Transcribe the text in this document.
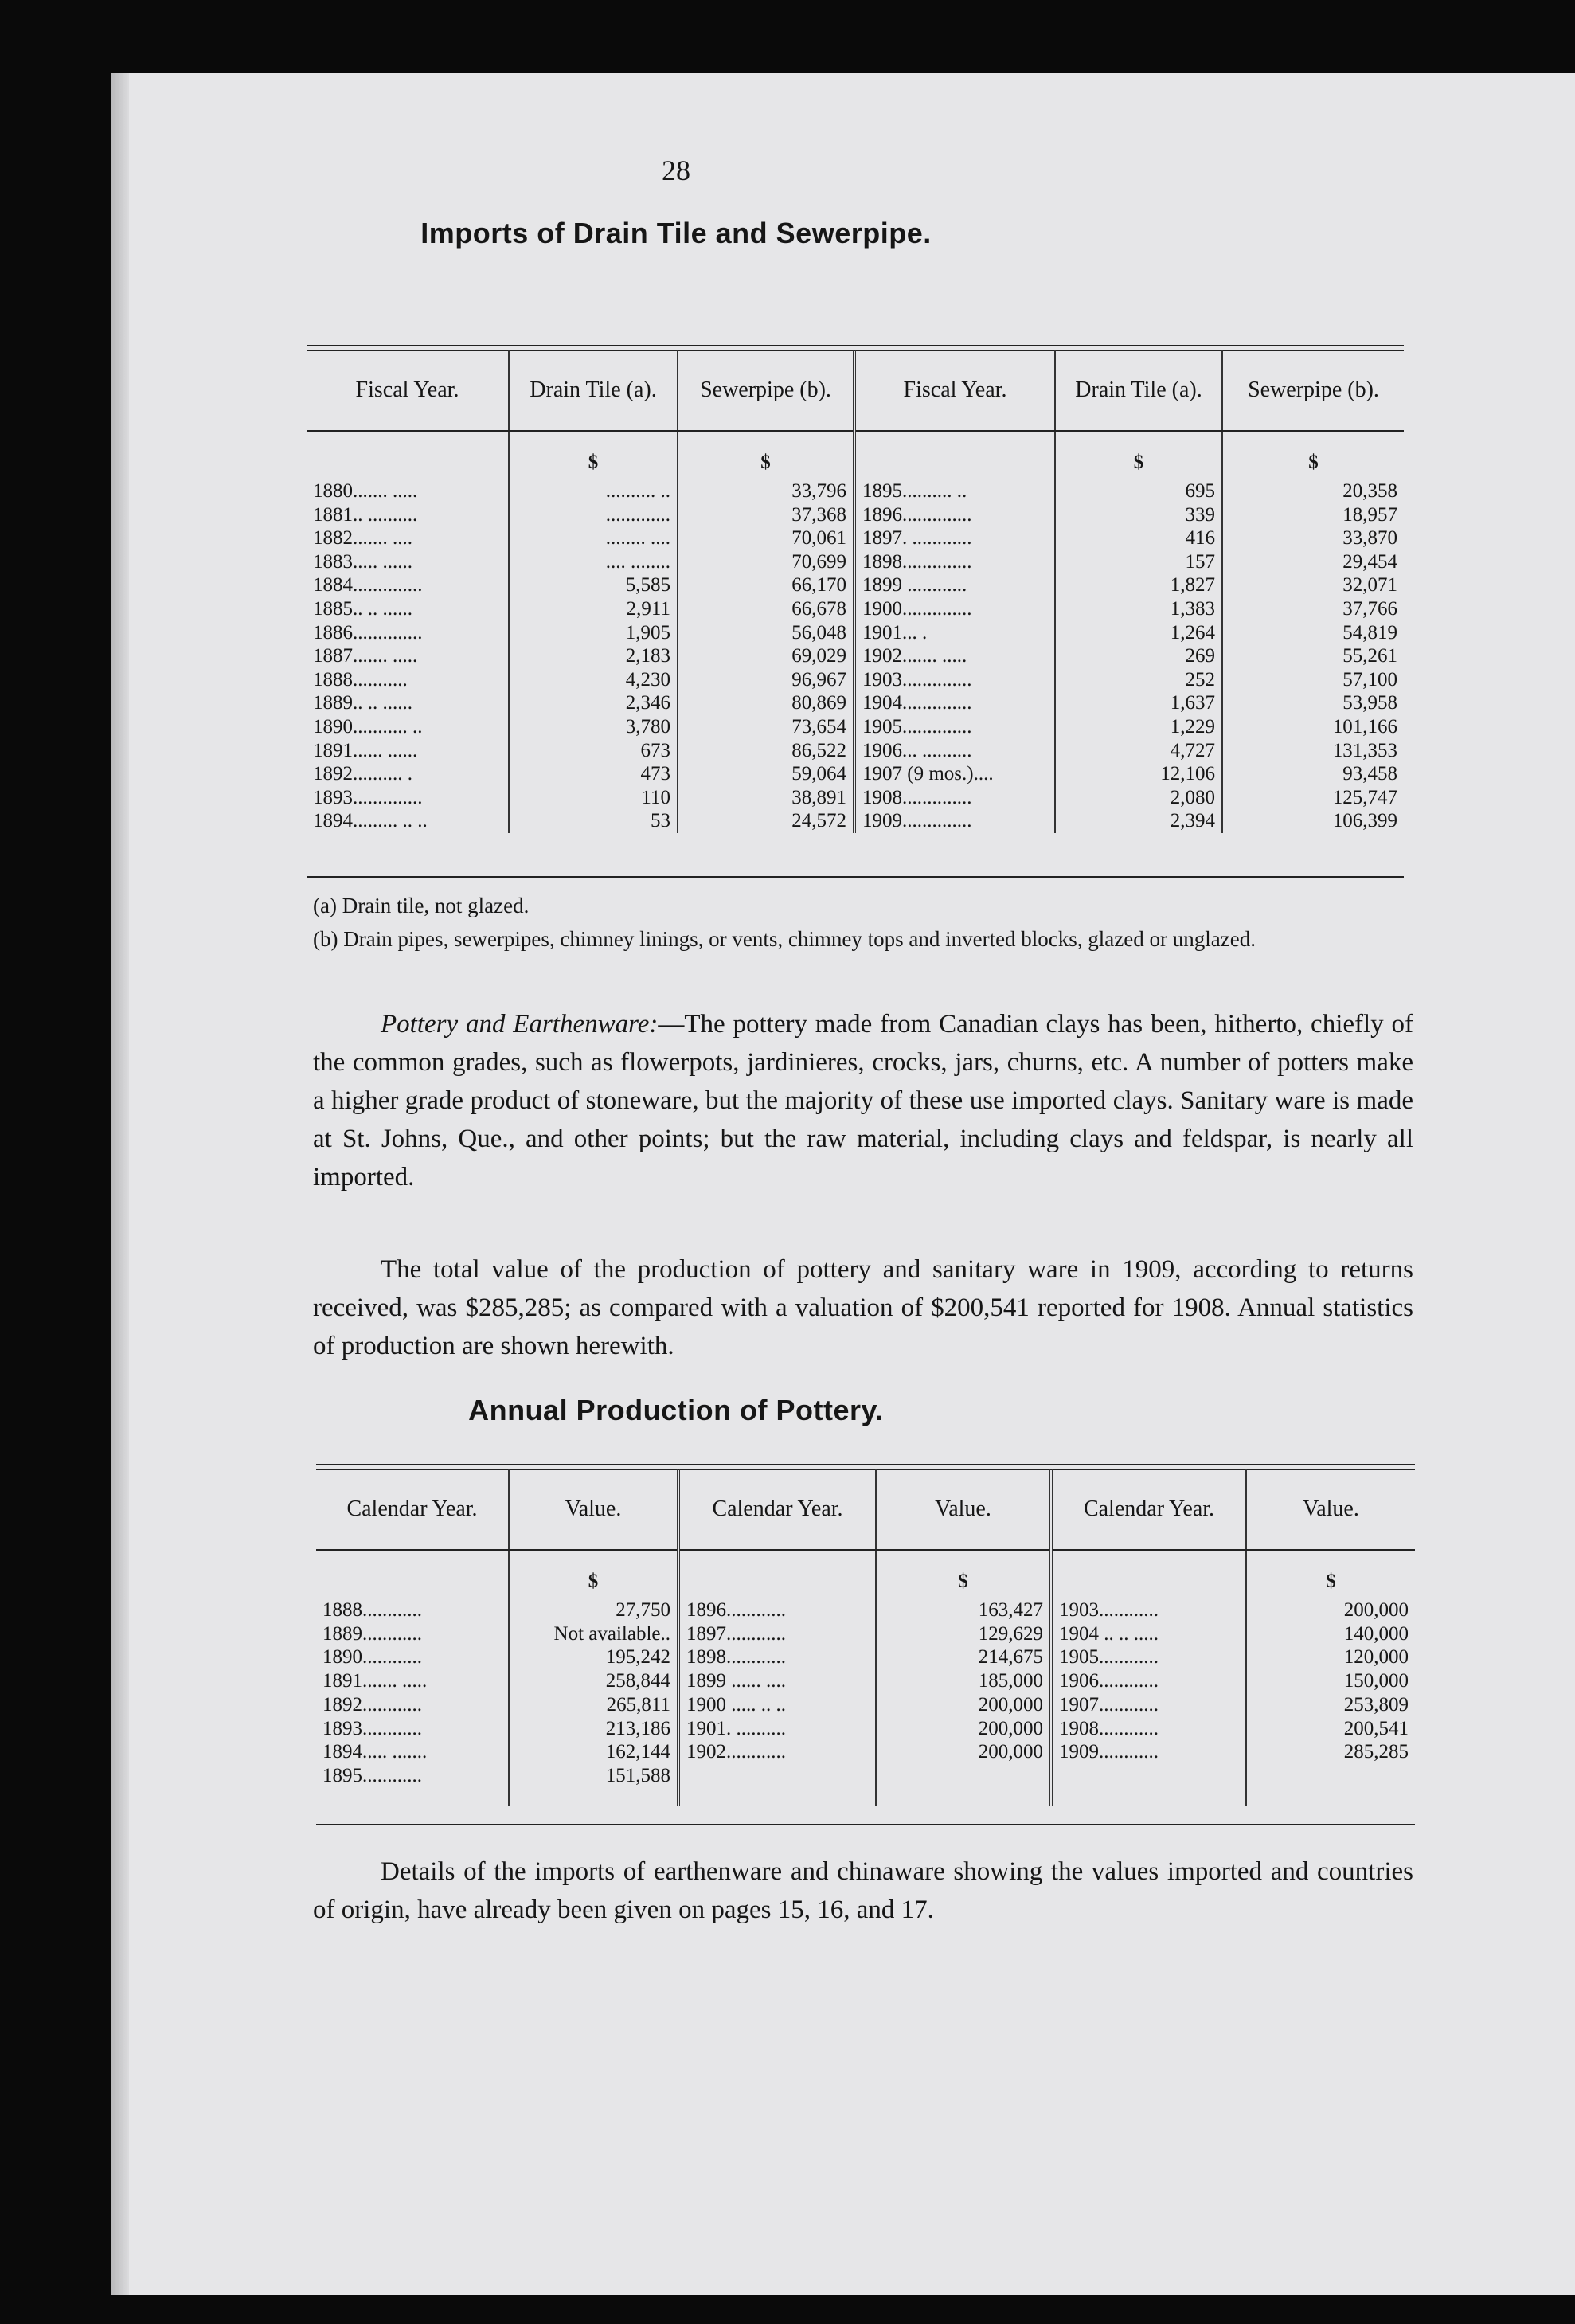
28
Imports of Drain Tile and Sewerpipe.
Fiscal Year.	Drain Tile (a).	Sewerpipe (b).	Fiscal Year.	Drain Tile (a).	Sewerpipe (b).
	$	$		$	$
1880....... .....	.......... ..	33,796	1895.......... ..	695	20,358
1881.. ..........	.............	37,368	1896..............	339	18,957
1882....... ....	........ ....	70,061	1897. ............	416	33,870
1883..... ......	.... ........	70,699	1898..............	157	29,454
1884..............	5,585	66,170	1899 ............	1,827	32,071
1885.. .. ......	2,911	66,678	1900..............	1,383	37,766
1886..............	1,905	56,048	1901... .	1,264	54,819
1887....... .....	2,183	69,029	1902....... .....	269	55,261
1888...........	4,230	96,967	1903..............	252	57,100
1889.. .. ......	2,346	80,869	1904..............	1,637	53,958
1890........... ..	3,780	73,654	1905..............	1,229	101,166
1891...... ......	673	86,522	1906... ..........	4,727	131,353
1892.......... .	473	59,064	1907 (9 mos.)....	12,106	93,458
1893..............	110	38,891	1908..............	2,080	125,747
1894......... .. ..	53	24,572	1909..............	2,394	106,399
(a) Drain tile, not glazed.
(b) Drain pipes, sewerpipes, chimney linings, or vents, chimney tops and inverted blocks, glazed or unglazed.
Pottery and Earthenware:—The pottery made from Canadian clays has been, hitherto, chiefly of the common grades, such as flowerpots, jardinieres, crocks, jars, churns, etc. A number of potters make a higher grade product of stoneware, but the majority of these use imported clays. Sanitary ware is made at St. Johns, Que., and other points; but the raw material, including clays and feldspar, is nearly all imported.
The total value of the production of pottery and sanitary ware in 1909, according to returns received, was $285,285; as compared with a valuation of $200,541 reported for 1908. Annual statistics of production are shown herewith.
Annual Production of Pottery.
Calendar Year.	Value.	Calendar Year.	Value.	Calendar Year.	Value.
	$		$		$
1888............	27,750	1896............	163,427	1903............	200,000
1889............	Not available..	1897............	129,629	1904 .. .. .....	140,000
1890............	195,242	1898............	214,675	1905............	120,000
1891....... .....	258,844	1899 ...... ....	185,000	1906............	150,000
1892............	265,811	1900 ..... .. ..	200,000	1907............	253,809
1893............	213,186	1901. ..........	200,000	1908............	200,541
1894..... .......	162,144	1902............	200,000	1909............	285,285
1895............	151,588				

Details of the imports of earthenware and chinaware showing the values imported and countries of origin, have already been given on pages 15, 16, and 17.
